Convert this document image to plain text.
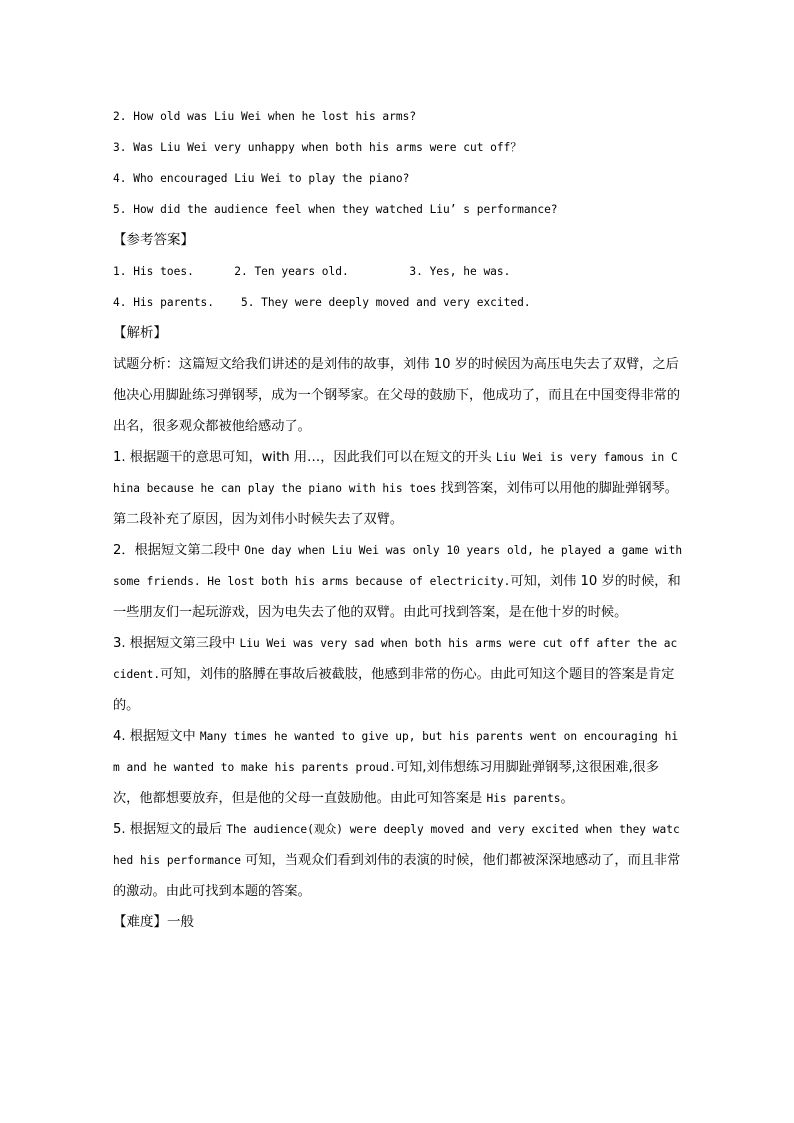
2. How old was Liu Wei when he lost his arms?
3. Was Liu Wei very unhappy when both his arms were cut off？
4. Who encouraged Liu Wei to play the piano?
5. How did the audience feel when they watched Liu’ s performance?
【参考答案】
1. His toes.      2. Ten years old.         3. Yes, he was.
4. His parents.    5. They were deeply moved and very excited.
【解析】
试题分析：这篇短文给我们讲述的是刘伟的故事，刘伟 10 岁的时候因为高压电失去了双臂，之后他决心用脚趾练习弹钢琴，成为一个钢琴家。在父母的鼓励下，他成功了，而且在中国变得非常的出名，很多观众都被他给感动了。
1. 根据题干的意思可知，with 用…，因此我们可以在短文的开头 Liu Wei is very famous in China because he can play the piano with his toes 找到答案，刘伟可以用他的脚趾弹钢琴。第二段补充了原因，因为刘伟小时候失去了双臂。
2．根据短文第二段中 One day when Liu Wei was only 10 years old, he played a game with some friends. He lost both his arms because of electricity.可知，刘伟 10 岁的时候，和一些朋友们一起玩游戏，因为电失去了他的双臂。由此可找到答案，是在他十岁的时候。
3. 根据短文第三段中 Liu Wei was very sad when both his arms were cut off after the accident.可知，刘伟的胳膊在事故后被截肢，他感到非常的伤心。由此可知这个题目的答案是肯定的。
4. 根据短文中 Many times he wanted to give up, but his parents went on encouraging him and he wanted to make his parents proud.可知,刘伟想练习用脚趾弹钢琴,这很困难,很多次，他都想要放弃，但是他的父母一直鼓励他。由此可知答案是 His parents。
5. 根据短文的最后 The audience(观众) were deeply moved and very excited when they watched his performance 可知，当观众们看到刘伟的表演的时候，他们都被深深地感动了，而且非常的激动。由此可找到本题的答案。
【难度】一般
